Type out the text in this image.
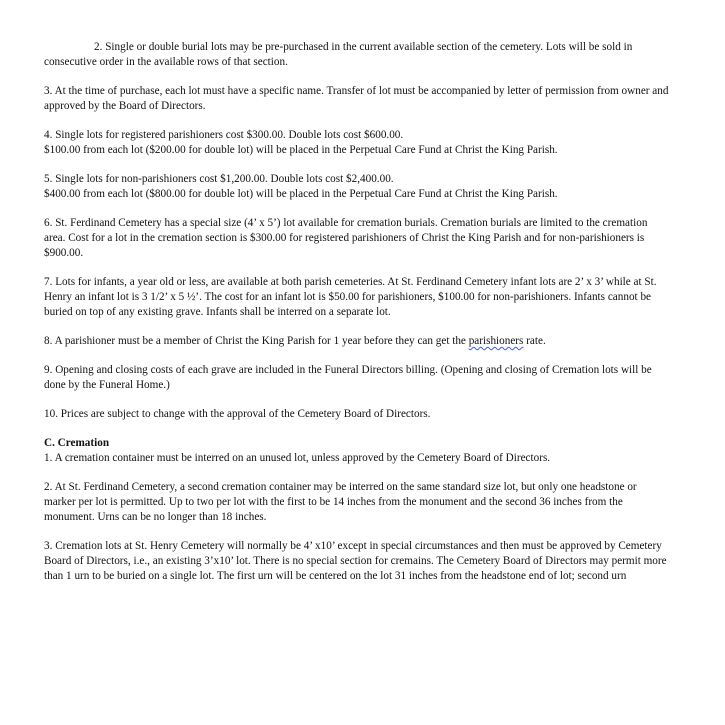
2. Single or double burial lots may be pre-purchased in the current available section of the cemetery. Lots will be sold in consecutive order in the available rows of that section.

3. At the time of purchase, each lot must have a specific name. Transfer of lot must be accompanied by letter of permission from owner and approved by the Board of Directors.

4. Single lots for registered parishioners cost $300.00. Double lots cost $600.00.
$100.00 from each lot ($200.00 for double lot) will be placed in the Perpetual Care Fund at Christ the King Parish.

5. Single lots for non-parishioners cost $1,200.00. Double lots cost $2,400.00.
$400.00 from each lot ($800.00 for double lot) will be placed in the Perpetual Care Fund at Christ the King Parish.

6. St. Ferdinand Cemetery has a special size (4’ x 5’) lot available for cremation burials. Cremation burials are limited to the cremation area. Cost for a lot in the cremation section is $300.00 for registered parishioners of Christ the King Parish and for non-parishioners is $900.00.

7. Lots for infants, a year old or less, are available at both parish cemeteries. At St. Ferdinand Cemetery infant lots are 2’ x 3’ while at St. Henry an infant lot is 3 1/2’ x 5 ½’. The cost for an infant lot is $50.00 for parishioners, $100.00 for non-parishioners. Infants cannot be buried on top of any existing grave. Infants shall be interred on a separate lot.

8. A parishioner must be a member of Christ the King Parish for 1 year before they can get the parishioners rate.

9. Opening and closing costs of each grave are included in the Funeral Directors billing. (Opening and closing of Cremation lots will be done by the Funeral Home.)

10. Prices are subject to change with the approval of the Cemetery Board of Directors.

C. Cremation

1. A cremation container must be interred on an unused lot, unless approved by the Cemetery Board of Directors.

2. At St. Ferdinand Cemetery, a second cremation container may be interred on the same standard size lot, but only one headstone or marker per lot is permitted. Up to two per lot with the first to be 14 inches from the monument and the second 36 inches from the monument. Urns can be no longer than 18 inches.

3. Cremation lots at St. Henry Cemetery will normally be 4’ x10’ except in special circumstances and then must be approved by Cemetery Board of Directors, i.e., an existing 3’x10’ lot. There is no special section for cremains. The Cemetery Board of Directors may permit more than 1 urn to be buried on a single lot. The first urn will be centered on the lot 31 inches from the headstone end of lot; second urn
